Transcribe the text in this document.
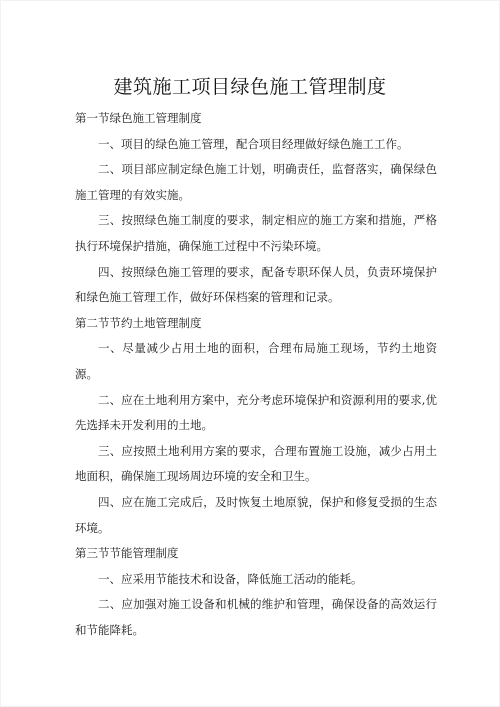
建筑施工项目绿色施工管理制度

第一节绿色施工管理制度

一、项目的绿色施工管理，配合项目经理做好绿色施工工作。

二、项目部应制定绿色施工计划，明确责任，监督落实，确保绿色施工管理的有效实施。

三、按照绿色施工制度的要求，制定相应的施工方案和措施，严格执行环境保护措施，确保施工过程中不污染环境。

四、按照绿色施工管理的要求，配备专职环保人员，负责环境保护和绿色施工管理工作，做好环保档案的管理和记录。

第二节节约土地管理制度

一、尽量减少占用土地的面积，合理布局施工现场，节约土地资源。

二、应在土地利用方案中，充分考虑环境保护和资源利用的要求,优先选择未开发利用的土地。

三、应按照土地利用方案的要求，合理布置施工设施，减少占用土地面积，确保施工现场周边环境的安全和卫生。

四、应在施工完成后，及时恢复土地原貌，保护和修复受损的生态环境。

第三节节能管理制度

一、应采用节能技术和设备，降低施工活动的能耗。

二、应加强对施工设备和机械的维护和管理，确保设备的高效运行和节能降耗。
